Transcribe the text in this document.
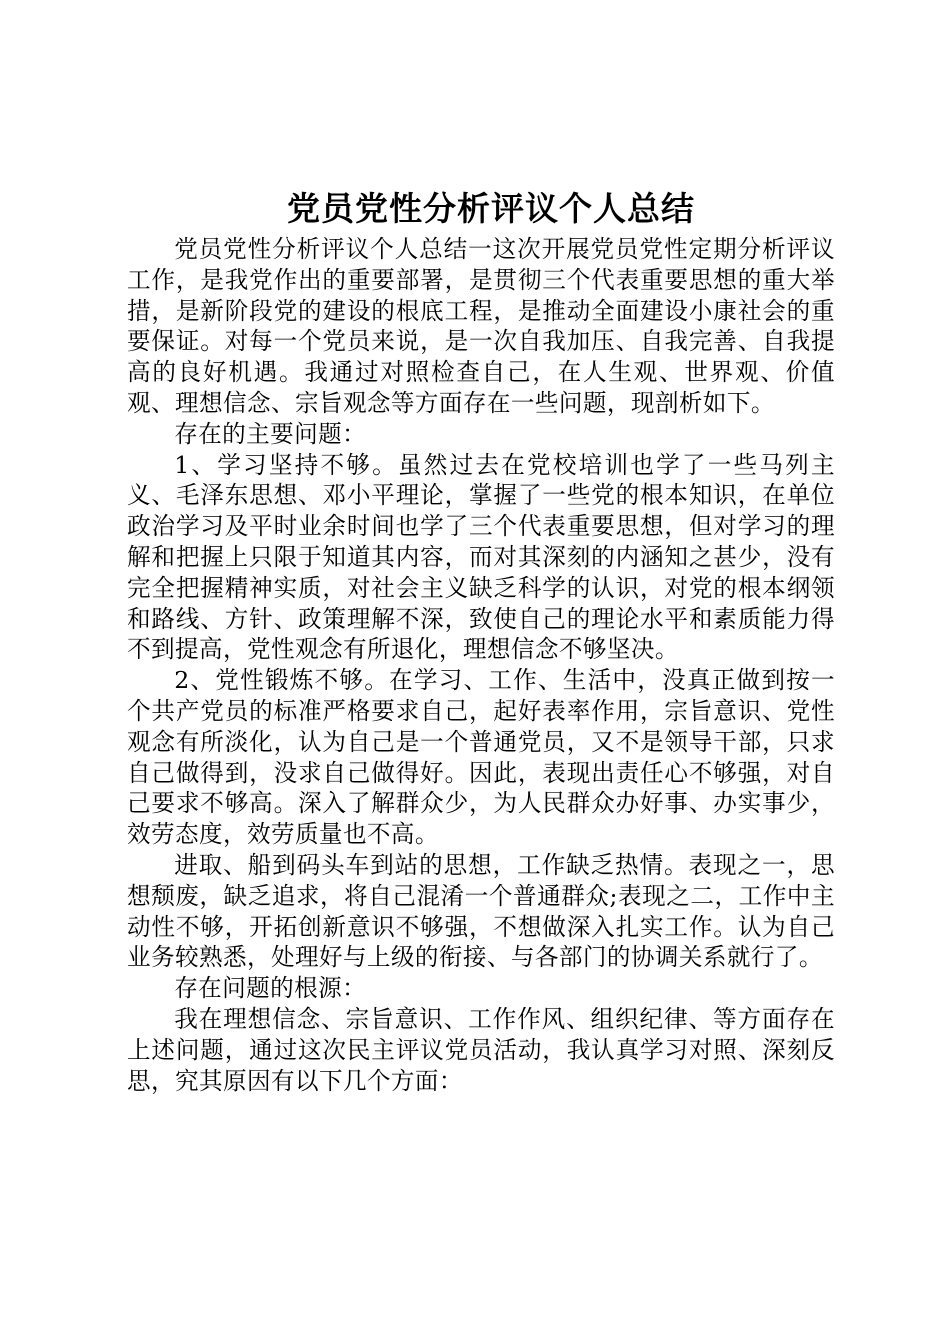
党员党性分析评议个人总结

党员党性分析评议个人总结一这次开展党员党性定期分析评议工作，是我党作出的重要部署，是贯彻三个代表重要思想的重大举措，是新阶段党的建设的根底工程，是推动全面建设小康社会的重要保证。对每一个党员来说，是一次自我加压、自我完善、自我提高的良好机遇。我通过对照检查自己，在人生观、世界观、价值观、理想信念、宗旨观念等方面存在一些问题，现剖析如下。

存在的主要问题：

1、学习坚持不够。虽然过去在党校培训也学了一些马列主义、毛泽东思想、邓小平理论，掌握了一些党的根本知识，在单位政治学习及平时业余时间也学了三个代表重要思想，但对学习的理解和把握上只限于知道其内容，而对其深刻的内涵知之甚少，没有完全把握精神实质，对社会主义缺乏科学的认识，对党的根本纲领和路线、方针、政策理解不深，致使自己的理论水平和素质能力得不到提高，党性观念有所退化，理想信念不够坚决。

2、党性锻炼不够。在学习、工作、生活中，没真正做到按一个共产党员的标准严格要求自己，起好表率作用，宗旨意识、党性观念有所淡化，认为自己是一个普通党员，又不是领导干部，只求自己做得到，没求自己做得好。因此，表现出责任心不够强，对自己要求不够高。深入了解群众少，为人民群众办好事、办实事少，效劳态度，效劳质量也不高。

进取、船到码头车到站的思想，工作缺乏热情。表现之一，思想颓废，缺乏追求，将自己混淆一个普通群众;表现之二，工作中主动性不够，开拓创新意识不够强，不想做深入扎实工作。认为自己业务较熟悉，处理好与上级的衔接、与各部门的协调关系就行了。

存在问题的根源：

我在理想信念、宗旨意识、工作作风、组织纪律、等方面存在上述问题，通过这次民主评议党员活动，我认真学习对照、深刻反思，究其原因有以下几个方面：
